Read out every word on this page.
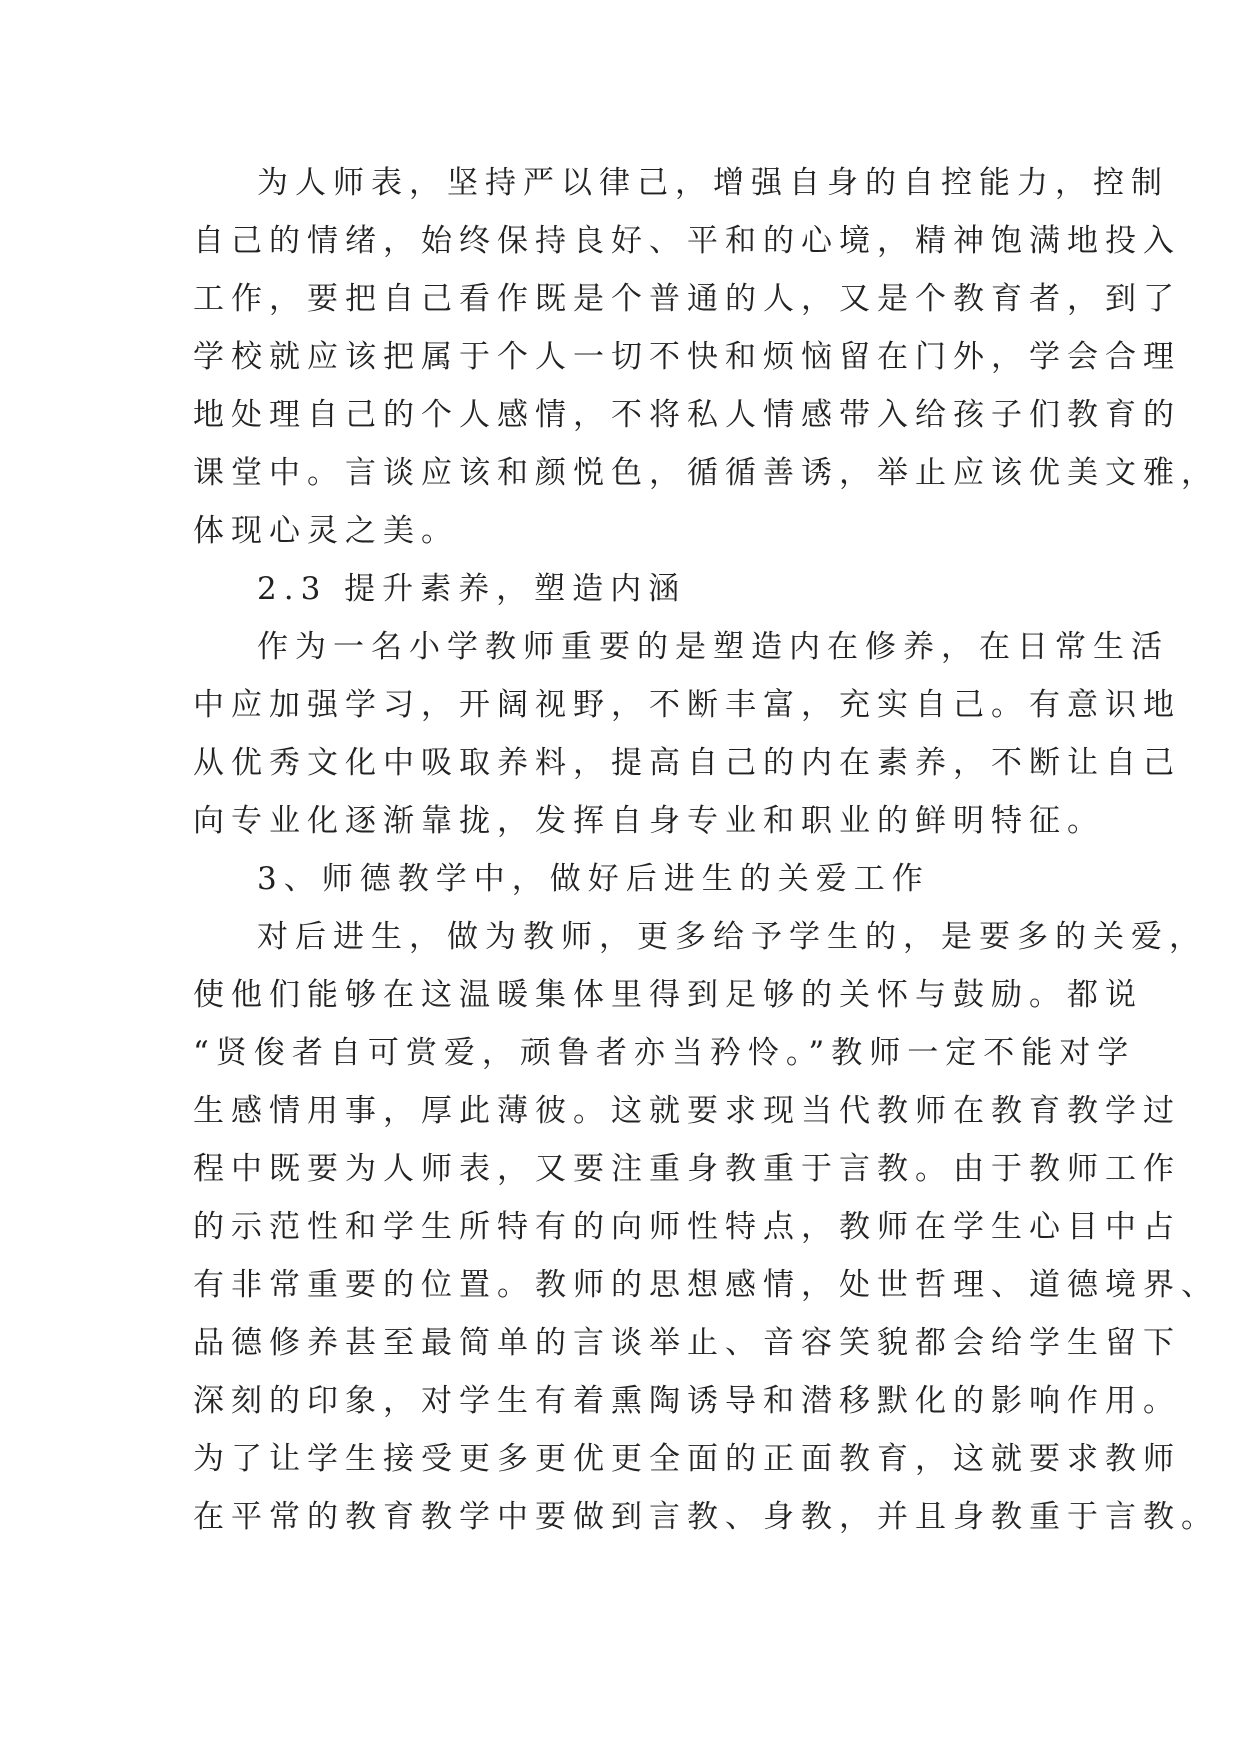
为人师表，坚持严以律己，增强自身的自控能力，控制
自己的情绪，始终保持良好、平和的心境，精神饱满地投入
工作，要把自己看作既是个普通的人，又是个教育者，到了
学校就应该把属于个人一切不快和烦恼留在门外，学会合理
地处理自己的个人感情，不将私人情感带入给孩子们教育的
课堂中。言谈应该和颜悦色，循循善诱，举止应该优美文雅，
体现心灵之美。
2.3 提升素养，塑造内涵
作为一名小学教师重要的是塑造内在修养，在日常生活
中应加强学习，开阔视野，不断丰富，充实自己。有意识地
从优秀文化中吸取养料，提高自己的内在素养，不断让自己
向专业化逐渐靠拢，发挥自身专业和职业的鲜明特征。
3、师德教学中，做好后进生的关爱工作
对后进生，做为教师，更多给予学生的，是要多的关爱，
使他们能够在这温暖集体里得到足够的关怀与鼓励。都说
“贤俊者自可赏爱，顽鲁者亦当矜怜。”教师一定不能对学
生感情用事，厚此薄彼。这就要求现当代教师在教育教学过
程中既要为人师表，又要注重身教重于言教。由于教师工作
的示范性和学生所特有的向师性特点，教师在学生心目中占
有非常重要的位置。教师的思想感情，处世哲理、道德境界、
品德修养甚至最简单的言谈举止、音容笑貌都会给学生留下
深刻的印象，对学生有着熏陶诱导和潜移默化的影响作用。
为了让学生接受更多更优更全面的正面教育，这就要求教师
在平常的教育教学中要做到言教、身教，并且身教重于言教。
